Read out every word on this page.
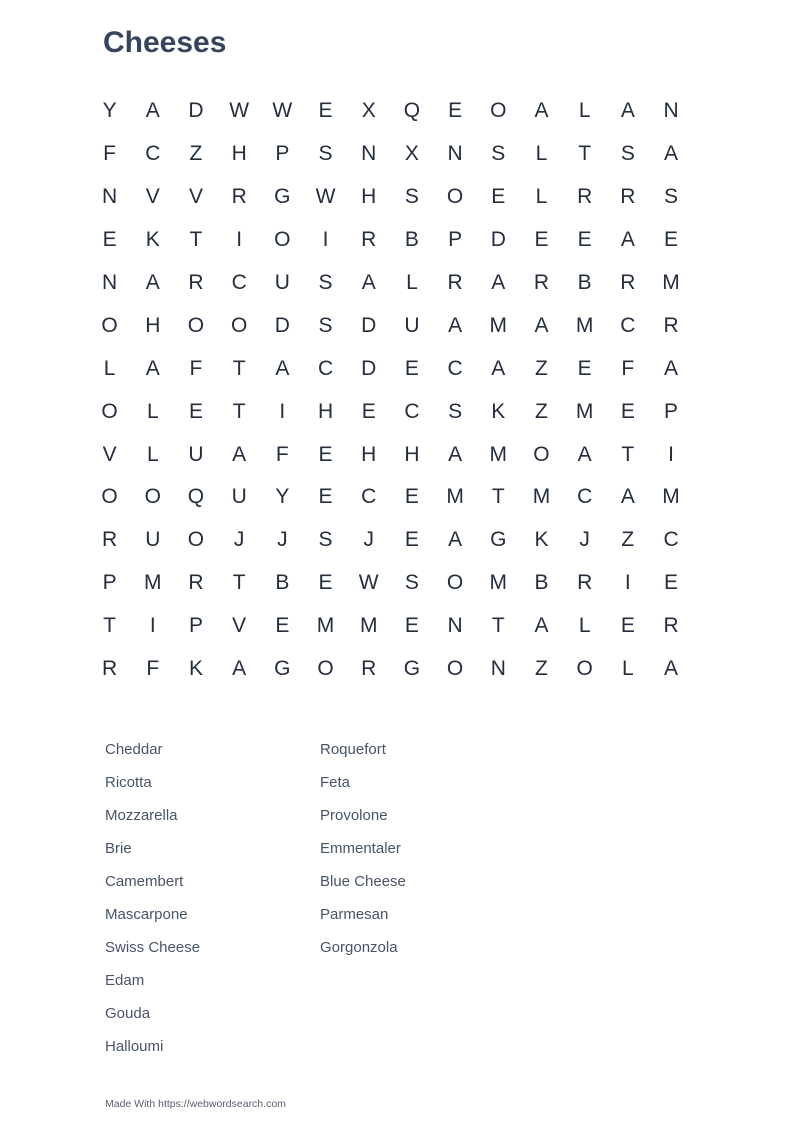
Cheeses
Y	A	D	W	W	E	X	Q	E	O	A	L	A	N
F	C	Z	H	P	S	N	X	N	S	L	T	S	A
N	V	V	R	G	W	H	S	O	E	L	R	R	S
E	K	T	I	O	I	R	B	P	D	E	E	A	E
N	A	R	C	U	S	A	L	R	A	R	B	R	M
O	H	O	O	D	S	D	U	A	M	A	M	C	R
L	A	F	T	A	C	D	E	C	A	Z	E	F	A
O	L	E	T	I	H	E	C	S	K	Z	M	E	P
V	L	U	A	F	E	H	H	A	M	O	A	T	I
O	O	Q	U	Y	E	C	E	M	T	M	C	A	M
R	U	O	J	J	S	J	E	A	G	K	J	Z	C
P	M	R	T	B	E	W	S	O	M	B	R	I	E
T	I	P	V	E	M	M	E	N	T	A	L	E	R
R	F	K	A	G	O	R	G	O	N	Z	O	L	A
Cheddar
Ricotta
Mozzarella
Brie
Camembert
Mascarpone
Swiss Cheese
Edam
Gouda
Halloumi
Roquefort
Feta
Provolone
Emmentaler
Blue Cheese
Parmesan
Gorgonzola
Made With https://webwordsearch.com
